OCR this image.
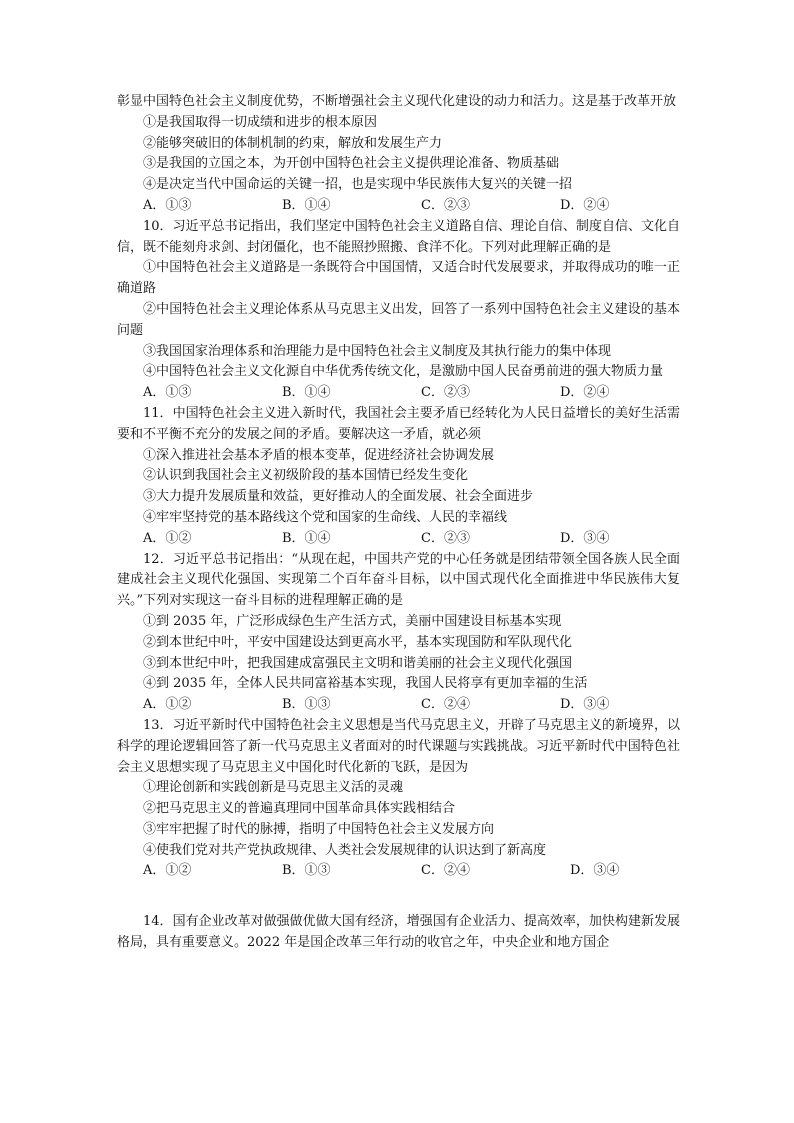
彰显中国特色社会主义制度优势，不断增强社会主义现代化建设的动力和活力。这是基于改革开放

①是我国取得一切成绩和进步的根本原因

②能够突破旧的体制机制的约束，解放和发展生产力

③是我国的立国之本，为开创中国特色社会主义提供理论准备、物质基础

④是决定当代中国命运的关键一招，也是实现中华民族伟大复兴的关键一招

A．①③	B．①④	C．②③	D．②④

10．习近平总书记指出，我们坚定中国特色社会主义道路自信、理论自信、制度自信、文化自信，既不能刻舟求剑、封闭僵化，也不能照抄照搬、食洋不化。下列对此理解正确的是

①中国特色社会主义道路是一条既符合中国国情，又适合时代发展要求，并取得成功的唯一正确道路

②中国特色社会主义理论体系从马克思主义出发，回答了一系列中国特色社会主义建设的基本问题

③我国国家治理体系和治理能力是中国特色社会主义制度及其执行能力的集中体现

④中国特色社会主义文化源自中华优秀传统文化，是激励中国人民奋勇前进的强大物质力量

A．①③	B．①④	C．②③	D．②④

11．中国特色社会主义进入新时代，我国社会主要矛盾已经转化为人民日益增长的美好生活需要和不平衡不充分的发展之间的矛盾。要解决这一矛盾，就必须

①深入推进社会基本矛盾的根本变革，促进经济社会协调发展

②认识到我国社会主义初级阶段的基本国情已经发生变化

③大力提升发展质量和效益，更好推动人的全面发展、社会全面进步

④牢牢坚持党的基本路线这个党和国家的生命线、人民的幸福线

A．①②	B．①④	C．②③	D．③④

12．习近平总书记指出：“从现在起，中国共产党的中心任务就是团结带领全国各族人民全面建成社会主义现代化强国、实现第二个百年奋斗目标，以中国式现代化全面推进中华民族伟大复兴。”下列对实现这一奋斗目标的进程理解正确的是

①到 2035 年，广泛形成绿色生产生活方式，美丽中国建设目标基本实现

②到本世纪中叶，平安中国建设达到更高水平，基本实现国防和军队现代化

③到本世纪中叶，把我国建成富强民主文明和谐美丽的社会主义现代化强国

④到 2035 年，全体人民共同富裕基本实现，我国人民将享有更加幸福的生活

A．①②	B．①③	C．②④	D．③④

13．习近平新时代中国特色社会主义思想是当代马克思主义，开辟了马克思主义的新境界，以科学的理论逻辑回答了新一代马克思主义者面对的时代课题与实践挑战。习近平新时代中国特色社会主义思想实现了马克思主义中国化时代化新的飞跃，是因为

①理论创新和实践创新是马克思主义活的灵魂

②把马克思主义的普遍真理同中国革命具体实践相结合

③牢牢把握了时代的脉搏，指明了中国特色社会主义发展方向

④使我们党对共产党执政规律、人类社会发展规律的认识达到了新高度

A．①②	B．①③	C．②④	D．③④

14．国有企业改革对做强做优做大国有经济，增强国有企业活力、提高效率，加快构建新发展格局，具有重要意义。2022 年是国企改革三年行动的收官之年，中央企业和地方国企
